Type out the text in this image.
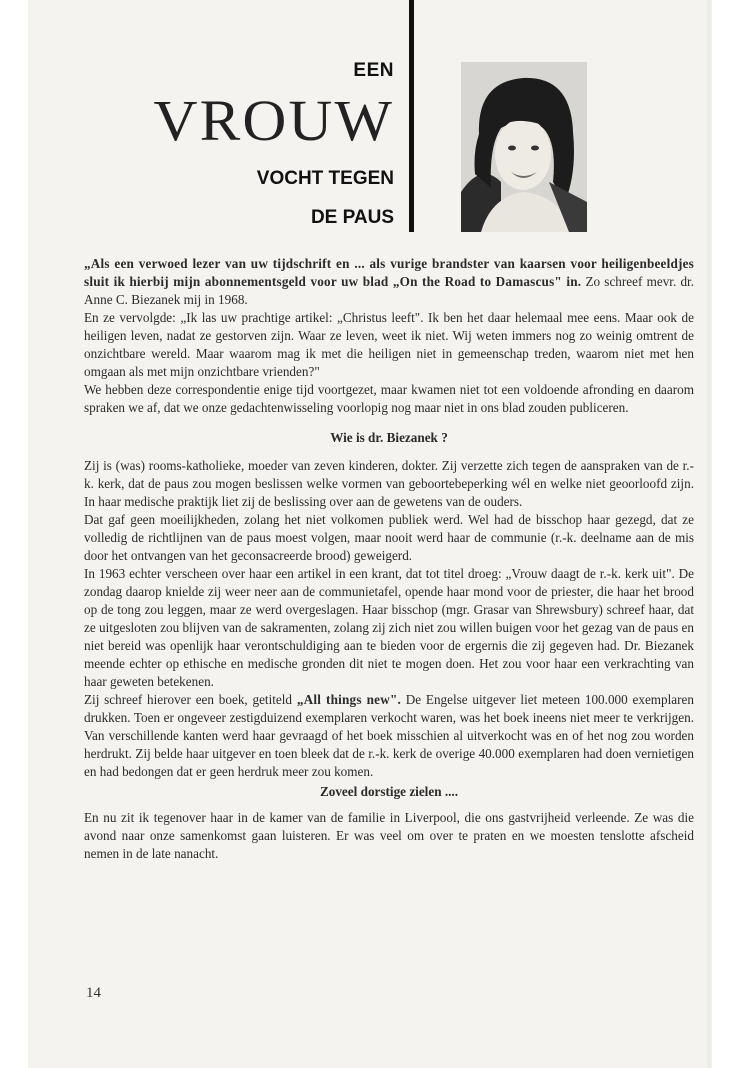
EEN
VROUW
VOCHT TEGEN
DE PAUS

„Als een verwoed lezer van uw tijdschrift en ... als vurige brandster van kaarsen voor heiligenbeeldjes sluit ik hierbij mijn abonnementsgeld voor uw blad „On the Road to Damascus" in. Zo schreef mevr. dr. Anne C. Biezanek mij in 1968.

En ze vervolgde: „Ik las uw prachtige artikel: „Christus leeft". Ik ben het daar helemaal mee eens. Maar ook de heiligen leven, nadat ze gestorven zijn. Waar ze leven, weet ik niet. Wij weten immers nog zo weinig omtrent de onzichtbare wereld. Maar waarom mag ik met die heiligen niet in gemeenschap treden, waarom niet met hen omgaan als met mijn onzichtbare vrienden?"

We hebben deze correspondentie enige tijd voortgezet, maar kwamen niet tot een voldoende afronding en daarom spraken we af, dat we onze gedachtenwisseling voorlopig nog maar niet in ons blad zouden publiceren.

Wie is dr. Biezanek ?

Zij is (was) rooms-katholieke, moeder van zeven kinderen, dokter. Zij verzette zich tegen de aanspraken van de r.-k. kerk, dat de paus zou mogen beslissen welke vormen van geboortebeperking wél en welke niet geoorloofd zijn. In haar medische praktijk liet zij de beslissing over aan de gewetens van de ouders.

Dat gaf geen moeilijkheden, zolang het niet volkomen publiek werd. Wel had de bisschop haar gezegd, dat ze volledig de richtlijnen van de paus moest volgen, maar nooit werd haar de communie (r.-k. deelname aan de mis door het ontvangen van het geconsacreerde brood) geweigerd.

In 1963 echter verscheen over haar een artikel in een krant, dat tot titel droeg: „Vrouw daagt de r.-k. kerk uit". De zondag daarop knielde zij weer neer aan de communietafel, opende haar mond voor de priester, die haar het brood op de tong zou leggen, maar ze werd overgeslagen. Haar bisschop (mgr. Grasar van Shrewsbury) schreef haar, dat ze uitgesloten zou blijven van de sakramenten, zolang zij zich niet zou willen buigen voor het gezag van de paus en niet bereid was openlijk haar verontschuldiging aan te bieden voor de ergernis die zij gegeven had. Dr. Biezanek meende echter op ethische en medische gronden dit niet te mogen doen. Het zou voor haar een verkrachting van haar geweten betekenen.

Zij schreef hierover een boek, getiteld „All things new". De Engelse uitgever liet meteen 100.000 exemplaren drukken. Toen er ongeveer zestigduizend exemplaren verkocht waren, was het boek ineens niet meer te verkrijgen. Van verschillende kanten werd haar gevraagd of het boek misschien al uitverkocht was en of het nog zou worden herdrukt. Zij belde haar uitgever en toen bleek dat de r.-k. kerk de overige 40.000 exemplaren had doen vernietigen en had bedongen dat er geen herdruk meer zou komen.

Zoveel dorstige zielen ....

En nu zit ik tegenover haar in de kamer van de familie in Liverpool, die ons gastvrijheid verleende. Ze was die avond naar onze samenkomst gaan luisteren. Er was veel om over te praten en we moesten tenslotte afscheid nemen in de late nanacht.

14
